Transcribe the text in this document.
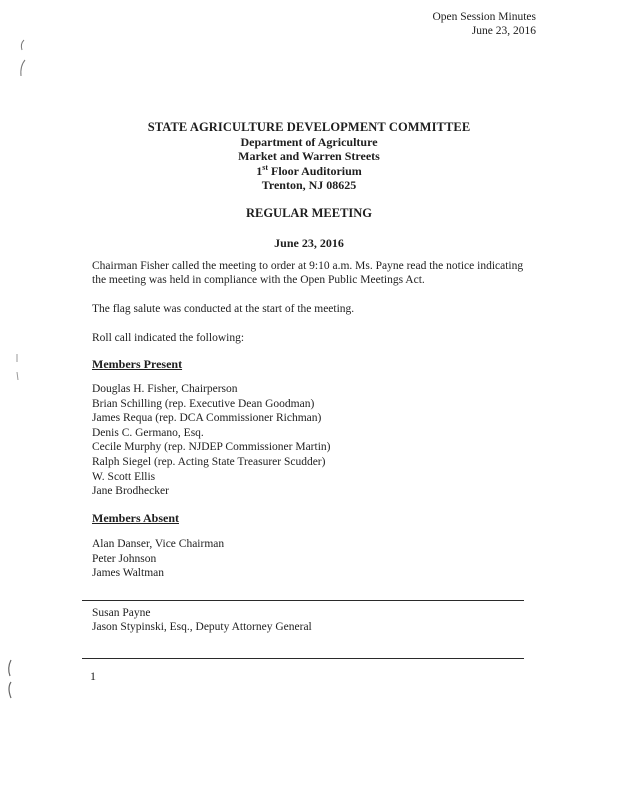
Open Session Minutes
June 23, 2016
STATE AGRICULTURE DEVELOPMENT COMMITTEE
Department of Agriculture
Market and Warren Streets
1st Floor Auditorium
Trenton, NJ 08625
REGULAR MEETING
June 23, 2016
Chairman Fisher called the meeting to order at 9:10 a.m. Ms. Payne read the notice indicating the meeting was held in compliance with the Open Public Meetings Act.
The flag salute was conducted at the start of the meeting.
Roll call indicated the following:
Members Present
Douglas H. Fisher, Chairperson
Brian Schilling (rep. Executive Dean Goodman)
James Requa (rep. DCA Commissioner Richman)
Denis C. Germano, Esq.
Cecile Murphy (rep. NJDEP Commissioner Martin)
Ralph Siegel (rep. Acting State Treasurer Scudder)
W. Scott Ellis
Jane Brodhecker
Members Absent
Alan Danser, Vice Chairman
Peter Johnson
James Waltman
Susan Payne
Jason Stypinski, Esq., Deputy Attorney General
1
